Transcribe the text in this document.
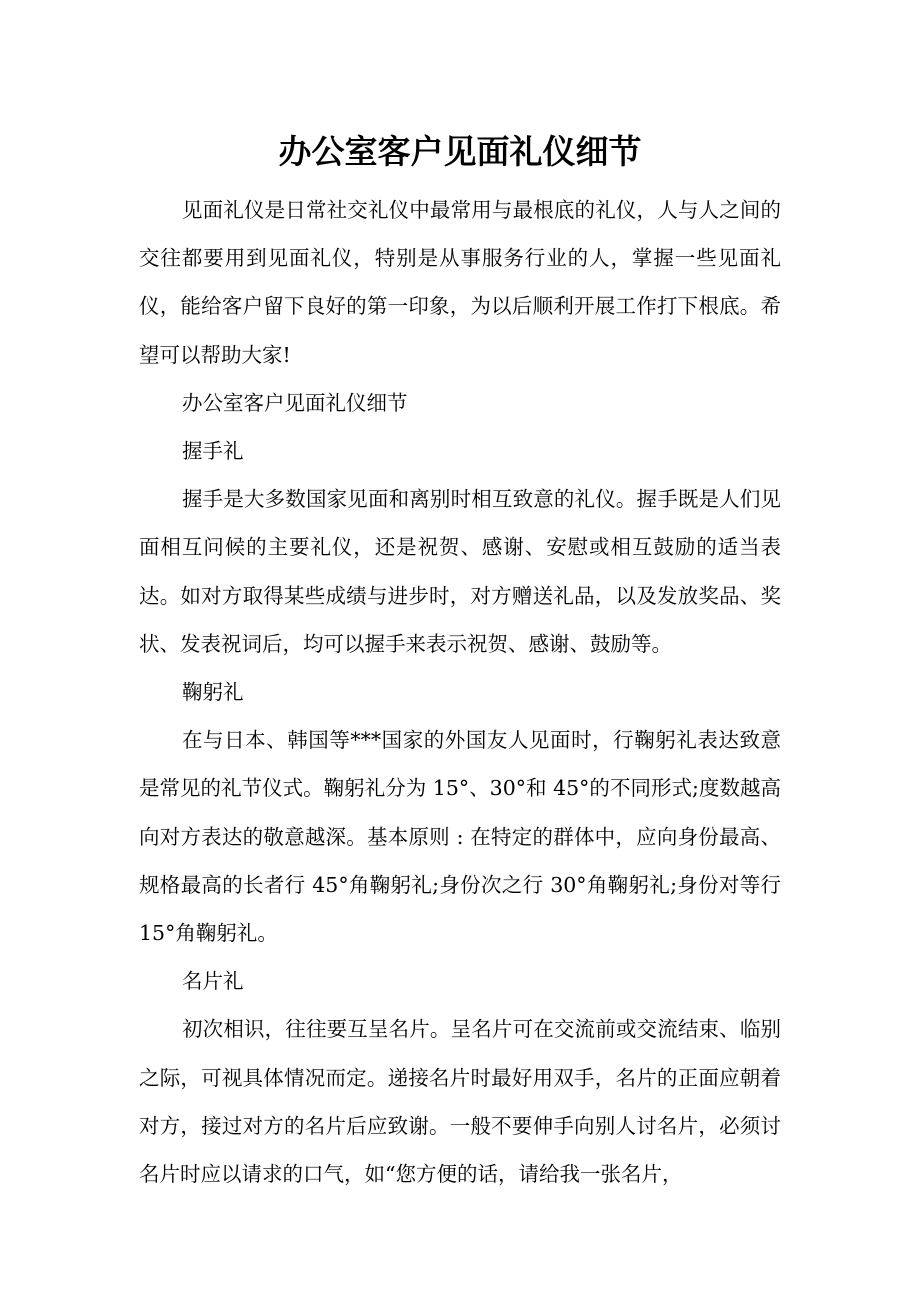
办公室客户见面礼仪细节

见面礼仪是日常社交礼仪中最常用与最根底的礼仪，人与人之间的交往都要用到见面礼仪，特别是从事服务行业的人，掌握一些见面礼仪，能给客户留下良好的第一印象，为以后顺利开展工作打下根底。希望可以帮助大家!

办公室客户见面礼仪细节

握手礼

握手是大多数国家见面和离别时相互致意的礼仪。握手既是人们见面相互问候的主要礼仪，还是祝贺、感谢、安慰或相互鼓励的适当表达。如对方取得某些成绩与进步时，对方赠送礼品，以及发放奖品、奖状、发表祝词后，均可以握手来表示祝贺、感谢、鼓励等。

鞠躬礼

在与日本、韩国等***国家的外国友人见面时，行鞠躬礼表达致意是常见的礼节仪式。鞠躬礼分为 15°、30°和 45°的不同形式;度数越高向对方表达的敬意越深。基本原则 : 在特定的群体中，应向身份最高、规格最高的长者行 45°角鞠躬礼;身份次之行 30°角鞠躬礼;身份对等行 15°角鞠躬礼。

名片礼

初次相识，往往要互呈名片。呈名片可在交流前或交流结束、临别之际，可视具体情况而定。递接名片时最好用双手，名片的正面应朝着对方，接过对方的名片后应致谢。一般不要伸手向别人讨名片，必须讨名片时应以请求的口气，如“您方便的话，请给我一张名片，
